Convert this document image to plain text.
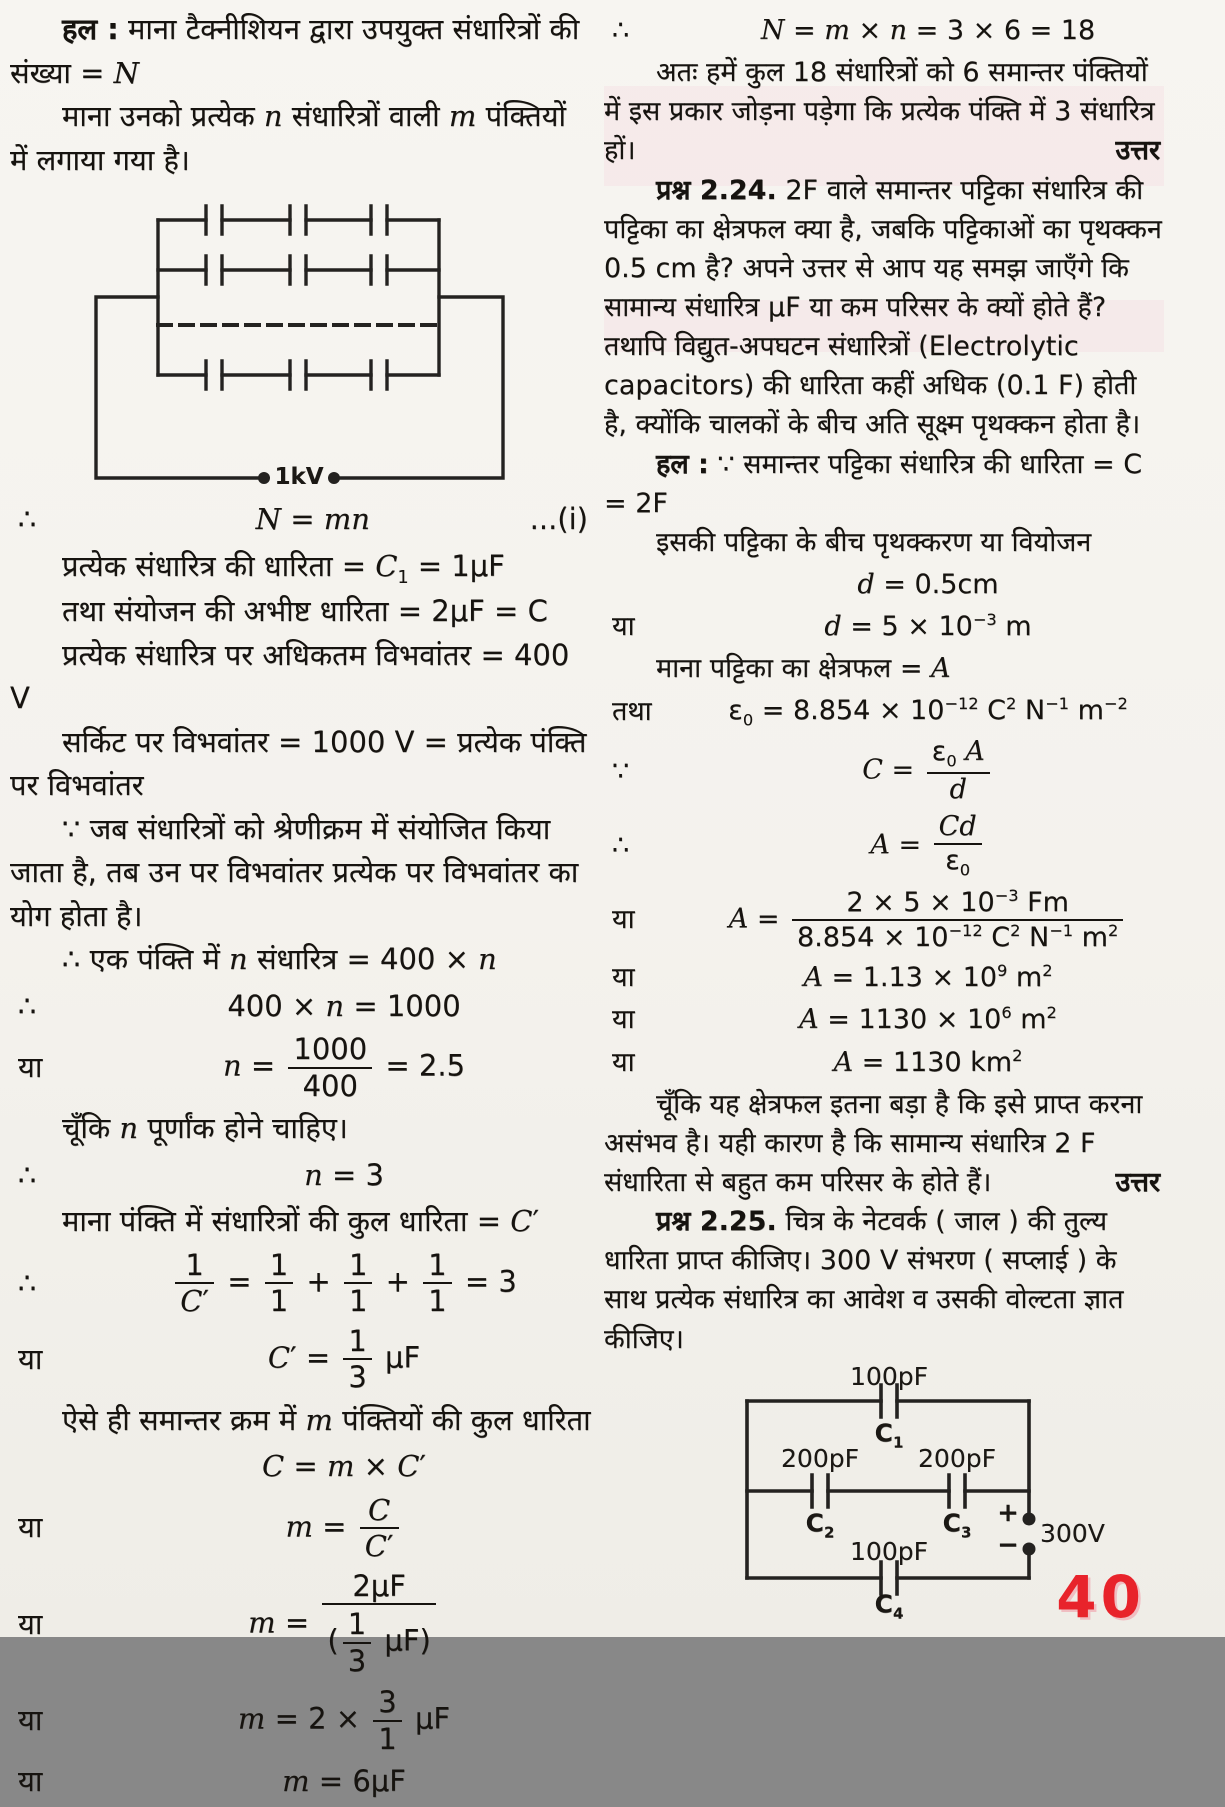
हल : माना टैक्नीशियन द्वारा उपयुक्त संधारित्रों की संख्या = N

माना उनको प्रत्येक n संधारित्रों वाली m पंक्तियों में लगाया गया है।

1kV
∴	N = mn	...(i)

प्रत्येक संधारित्र की धारिता = $C_1 = 1\mu F$

तथा संयोजन की अभीष्ट धारिता = 2μF = C

प्रत्येक संधारित्र पर अधिकतम विभवांतर = 400 V

सर्किट पर विभवांतर = 1000 V = प्रत्येक पंक्ति पर विभवांतर

∵ जब संधारित्रों को श्रेणीक्रम में संयोजित किया जाता है, तब उन पर विभवांतर प्रत्येक पर विभवांतर का योग होता है।

∴ एक पंक्ति में n संधारित्र = 400 × n

∴	400 × n = 1000
या	$n = \frac{1000}{400} = 2.5$

चूँकि n पूर्णांक होने चाहिए।

∴	n = 3

माना पंक्ति में संधारित्रों की कुल धारिता = C′

∴	$\frac{1}{C'} = \frac{1}{1} + \frac{1}{1} + \frac{1}{1} = 3$
या	$C' = \frac{1}{3}$ μF

ऐसे ही समान्तर क्रम में m पंक्तियों की कुल धारिता

C = m × C′
या	$m = \frac{C}{C'}$
या	$m = \frac{2\mu F}{( \frac{1}{3} \mu F)}$
या	$m = 2 \times \frac{3}{1}$ μF
या	m = 6μF
∴	N = m × n = 3 × 6 = 18

अतः हमें कुल 18 संधारित्रों को 6 समान्तर पंक्तियों में इस प्रकार जोड़ना पड़ेगा कि प्रत्येक पंक्ति में 3 संधारित्र हों।	उत्तर

प्रश्न 2.24. 2F वाले समान्तर पट्टिका संधारित्र की पट्टिका का क्षेत्रफल क्या है, जबकि पट्टिकाओं का पृथक्कन 0.5 cm है? अपने उत्तर से आप यह समझ जाएँगे कि सामान्य संधारित्र μF या कम परिसर के क्यों होते हैं? तथापि विद्युत-अपघटन संधारित्रों (Electrolytic capacitors) की धारिता कहीं अधिक (0.1 F) होती है, क्योंकि चालकों के बीच अति सूक्ष्म पृथक्कन होता है।

हल : ∵ समान्तर पट्टिका संधारित्र की धारिता = C = 2F

इसकी पट्टिका के बीच पृथक्करण या वियोजन

d = 0.5cm
या	$d = 5 \times 10^{-3}$ m

माना पट्टिका का क्षेत्रफल = A

तथा	$\varepsilon_0 = 8.854 \times 10^{-12}$ $C^2$ $N^{-1}$ $m^{-2}$
∵	$C = \frac{\varepsilon_0 A}{d}$
∴	$A = \frac{Cd}{\varepsilon_0}$
या	$A = \frac{2 \times 5 \times 10^{-3} Fm}{8.854 \times 10^{-12} C^2 N^{-1} m^2}$
या	$A = 1.13 \times 10^9$ $m^2$
या	$A = 1130 \times 10^6$ $m^2$
या	A = 1130 $km^2$

चूँकि यह क्षेत्रफल इतना बड़ा है कि इसे प्राप्त करना असंभव है। यही कारण है कि सामान्य संधारित्र 2 F संधारिता से बहुत कम परिसर के होते हैं।	उत्तर

प्रश्न 2.25. चित्र के नेटवर्क ( जाल ) की तुल्य धारिता प्राप्त कीजिए। 300 V संभरण ( सप्लाई ) के साथ प्रत्येक संधारित्र का आवेश व उसकी वोल्टता ज्ञात कीजिए।

100pF
$C_1$
200pF
$C_2$
200pF
$C_3$
+
− 300V
100pF
$C_4$	40
